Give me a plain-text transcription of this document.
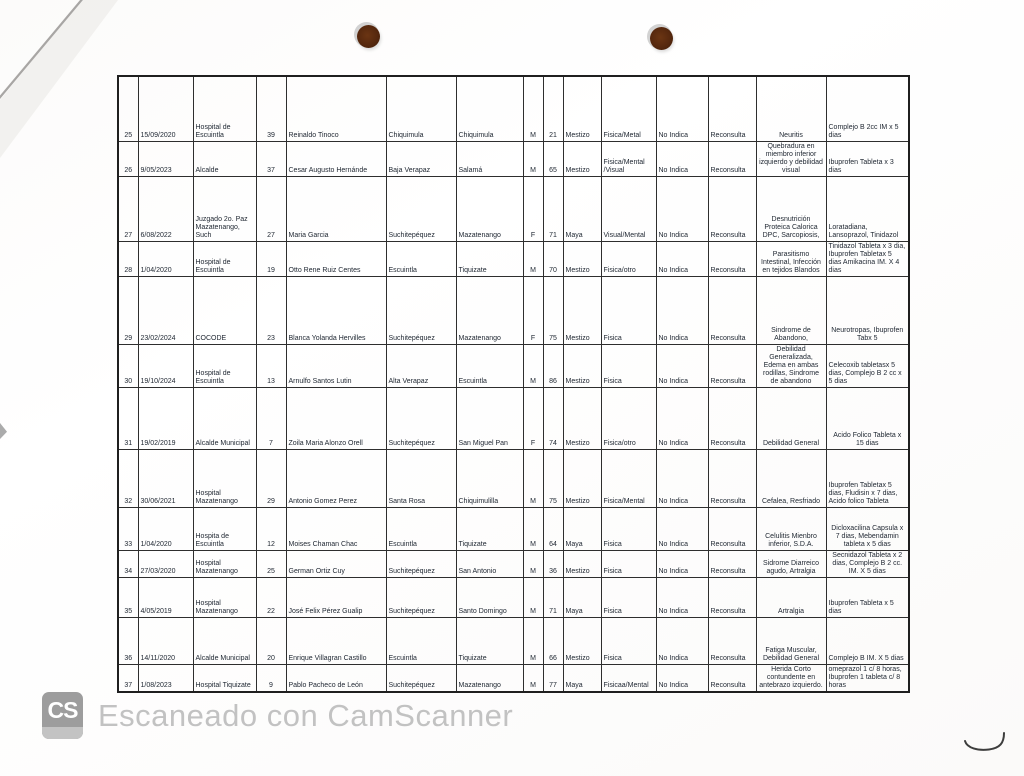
25	15/09/2020	Hospital de Escuintla	39	Reinaldo Tinoco	Chiquimula	Chiquimula	M	21	Mestizo	Fisica/Metal	No Indica	Reconsulta	Neuritis	Complejo B 2cc IM x 5 dias
26	9/05/2023	Alcalde	37	Cesar Augusto Hernánde	Baja Verapaz	Salamá	M	65	Mestizo	Fisica/Mental /Visual	No Indica	Reconsulta	Quebradura en miembro inferior izquierdo y debilidad visual	Ibuprofen Tableta x 3 dias
27	6/08/2022	Juzgado 2o. Paz Mazatenango, Such	27	Maria Garcia	Suchitepéquez	Mazatenango	F	71	Maya	Visual/Mental	No Indica	Reconsulta	Desnutrición Proteica Calorica DPC, Sarcopiosis,	Loratadiana, Lansoprazol, Tinidazol
28	1/04/2020	Hospital de Escuintla	19	Otto Rene Ruiz Centes	Escuintla	Tiquizate	M	70	Mestizo	Fisica/otro	No Indica	Reconsulta	Parasitismo Intestinal, Infección en tejidos Blandos	Tinidazol Tableta x 3 dia, Ibuprofen Tabletax 5 dias Amikacina IM. X 4 dias
29	23/02/2024	COCODE	23	Blanca Yolanda Hervilles	Suchitepéquez	Mazatenango	F	75	Mestizo	Fisica	No Indica	Reconsulta	Sindrome de Abandono,	Neurotropas, Ibuprofen Tabx 5
30	19/10/2024	Hospital de Escuintla	13	Arnulfo Santos Lutin	Alta Verapaz	Escuintla	M	86	Mestizo	Fisica	No Indica	Reconsulta	Debilidad Generalizada, Edema en ambas rodillas, Sindrome de abandono	Celecoxib tabletasx 5 dias, Complejo B 2 cc x 5 dias
31	19/02/2019	Alcalde Municipal	7	Zoila Maria Alonzo Orell	Suchitepéquez	San Miguel Pan	F	74	Mestizo	Fisica/otro	No Indica	Reconsulta	Debilidad General	Acido Folico Tableta x 15 dias
32	30/06/2021	Hospital Mazatenango	29	Antonio Gomez Perez	Santa Rosa	Chiquimulilla	M	75	Mestizo	Fisica/Mental	No Indica	Reconsulta	Cefalea, Resfriado	Ibuprofen Tabletax 5 dias, Fludisin x 7 dias, Acido folico Tableta
33	1/04/2020	Hospita de Escuintla	12	Moises Chaman Chac	Escuintla	Tiquizate	M	64	Maya	Fisica	No Indica	Reconsulta	Celulitis Mienbro inferior, S.D.A.	Dicloxacilina Capsula x 7 dias, Mebendamin tableta x 5 dias
34	27/03/2020	Hospital Mazatenango	25	German Ortiz Cuy	Suchitepéquez	San Antonio	M	36	Mestizo	Fisica	No Indica	Reconsulta	Sidrome Diarreico agudo, Artralgia	Secnidazol Tableta x 2 dias, Complejo B 2 cc. IM. X 5 dias
35	4/05/2019	Hospital Mazatenango	22	José Felix Pérez Gualip	Suchitepéquez	Santo Domingo	M	71	Maya	Fisica	No Indica	Reconsulta	Artralgia	Ibuprofen Tableta x 5 dias
36	14/11/2020	Alcalde Municipal	20	Enrique Villagran Castillo	Escuintla	Tiquizate	M	66	Mestizo	Fisica	No Indica	Reconsulta	Fatiga Muscular, Debilidad General	Complejo B IM. X 5 dias
37	1/08/2023	Hospital Tiquizate	9	Pablo Pacheco de León	Suchitepéquez	Mazatenango	M	77	Maya	Fisicaa/Mental	No Indica	Reconsulta	Herida Corto contundente en antebrazo izquierdo.	omeprazol 1 c/ 8 horas, Ibuprofen 1 tableta c/ 8 horas
CS Escaneado con CamScanner
